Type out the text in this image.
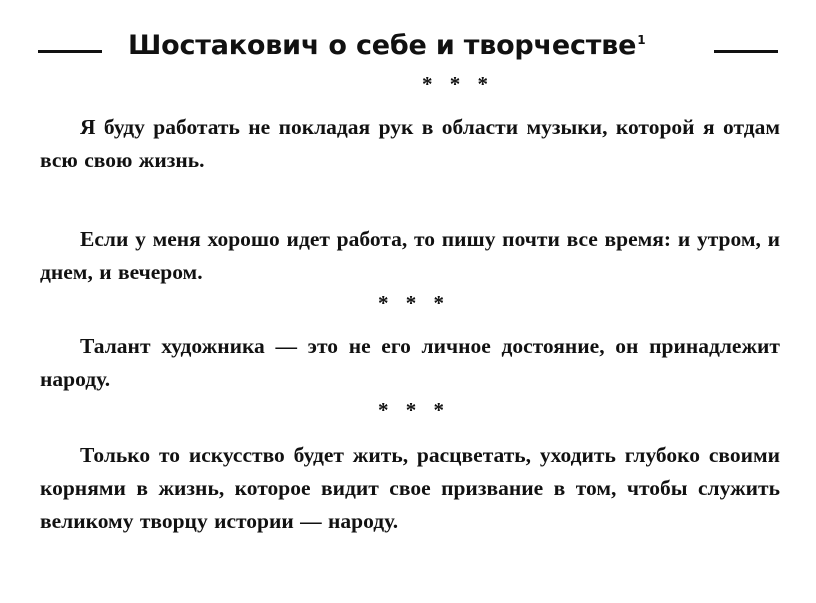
Шостакович о себе и творчестве$^1$
* * *

Я буду работать не покладая рук в области музыки, которой я отдам всю свою жизнь.

Если у меня хорошо идет работа, то пишу почти все время: и утром, и днем, и вечером.

* * *

Талант художника — это не его личное достояние, он принадлежит народу.

* * *

Только то искусство будет жить, расцветать, уходить глубоко своими корнями в жизнь, которое видит свое призвание в том, чтобы служить великому творцу истории — народу.
